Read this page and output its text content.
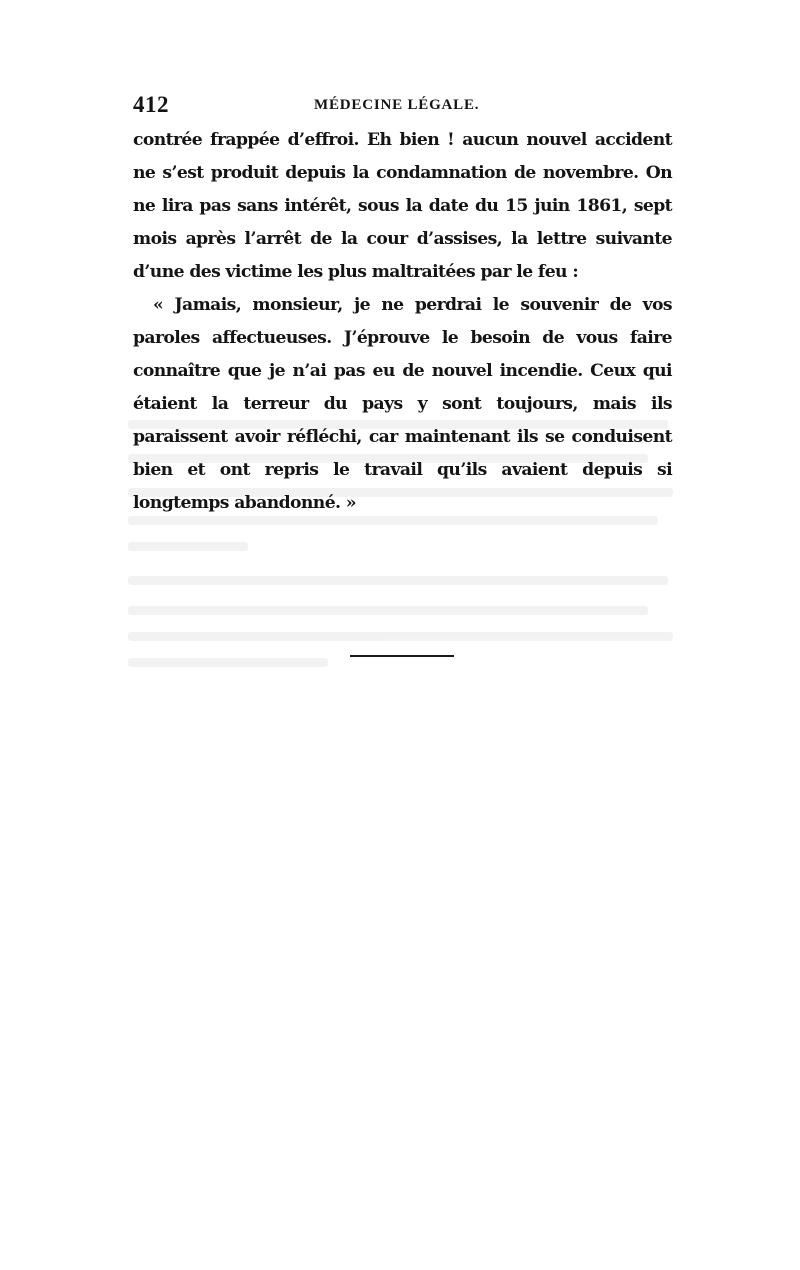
412	MÉDECINE LÉGALE.

contrée frappée d’effroi. Eh bien ! aucun nouvel accident ne s’est produit depuis la condamnation de novembre. On ne lira pas sans intérêt, sous la date du 15 juin 1861, sept mois après l’arrêt de la cour d’assises, la lettre suivante d’une des victime les plus maltraitées par le feu :

« Jamais, monsieur, je ne perdrai le souvenir de vos paroles affectueuses. J’éprouve le besoin de vous faire connaître que je n’ai pas eu de nouvel incendie. Ceux qui étaient la terreur du pays y sont toujours, mais ils paraissent avoir réfléchi, car maintenant ils se conduisent bien et ont repris le travail qu’ils avaient depuis si longtemps abandonné. »
